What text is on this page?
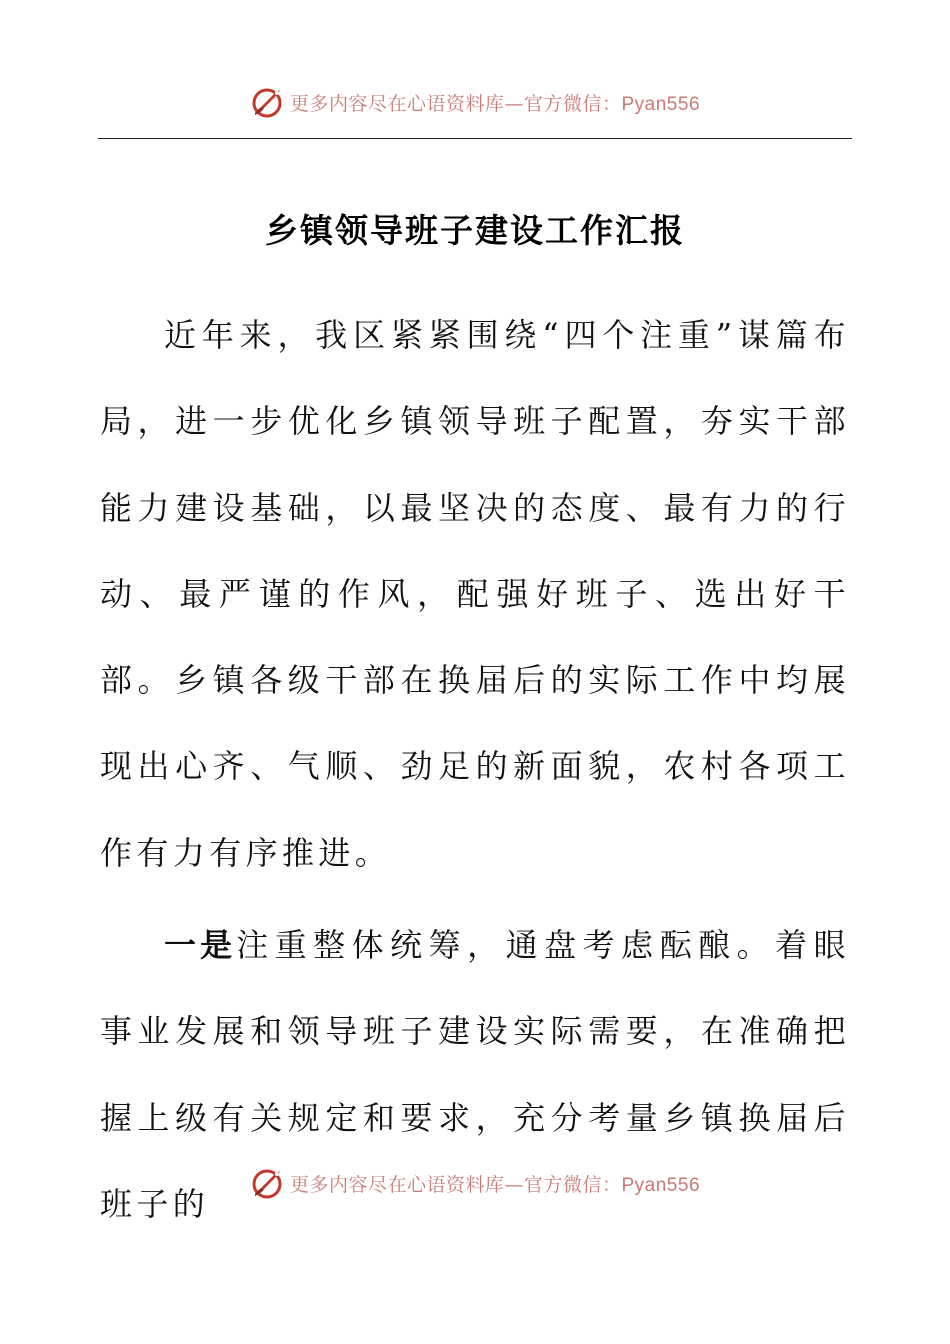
更多内容尽在心语资料库—官方微信：Pyan556
乡镇领导班子建设工作汇报

近年来，我区紧紧围绕“四个注重”谋篇布局，进一步优化乡镇领导班子配置，夯实干部能力建设基础，以最坚决的态度、最有力的行动、最严谨的作风，配强好班子、选出好干部。乡镇各级干部在换届后的实际工作中均展现出心齐、气顺、劲足的新面貌，农村各项工作有力有序推进。

一是注重整体统筹，通盘考虑酝酿。着眼事业发展和领导班子建设实际需要，在准确把握上级有关规定和要求，充分考量乡镇换届后班子的

更多内容尽在心语资料库—官方微信：Pyan556
